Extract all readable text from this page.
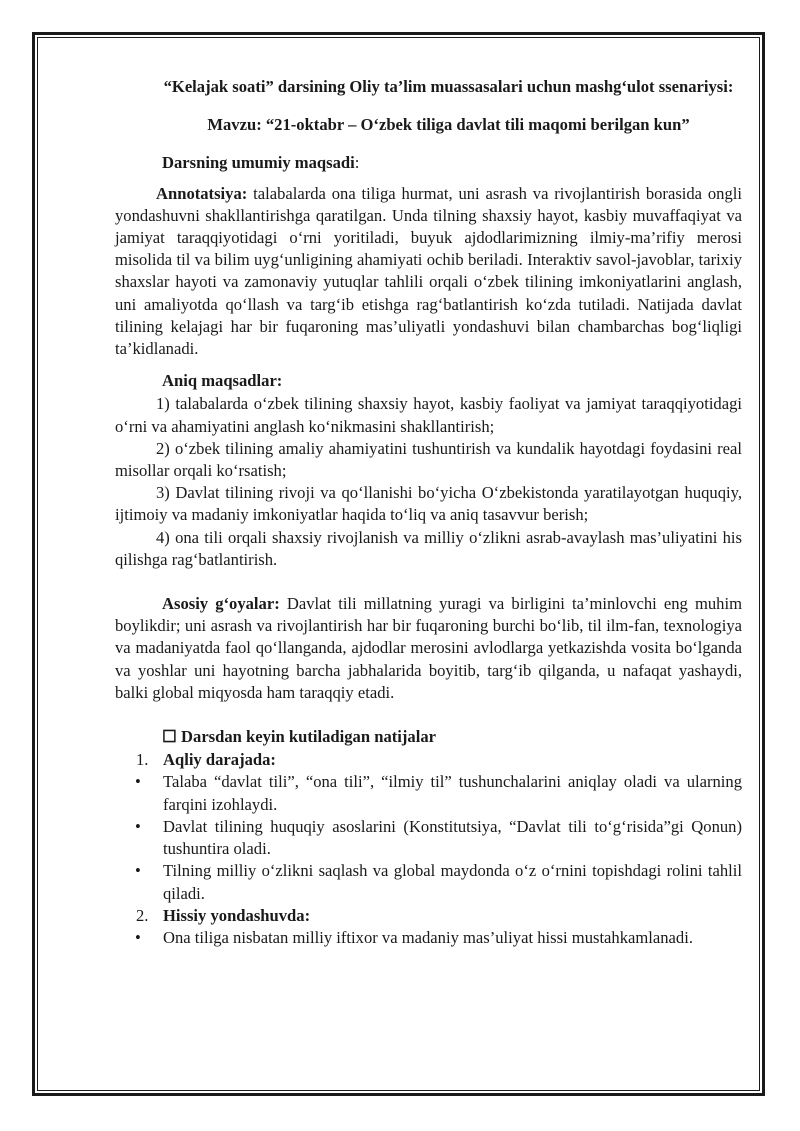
“Kelajak soati” darsining Oliy ta’lim muassasalari uchun mashg‘ulot ssenariysi:
Mavzu: “21-oktabr – O‘zbek tiliga davlat tili maqomi berilgan kun”
Darsning umumiy maqsadi:

Annotatsiya: talabalarda ona tiliga hurmat, uni asrash va rivojlantirish borasida ongli yondashuvni shakllantirishga qaratilgan. Unda tilning shaxsiy hayot, kasbiy muvaffaqiyat va jamiyat taraqqiyotidagi o‘rni yoritiladi, buyuk ajdodlarimizning ilmiy-ma’rifiy merosi misolida til va bilim uyg‘unligining ahamiyati ochib beriladi. Interaktiv savol-javoblar, tarixiy shaxslar hayoti va zamonaviy yutuqlar tahlili orqali o‘zbek tilining imkoniyatlarini anglash, uni amaliyotda qo‘llash va targ‘ib etishga rag‘batlantirish ko‘zda tutiladi. Natijada davlat tilining kelajagi har bir fuqaroning mas’uliyatli yondashuvi bilan chambarchas bog‘liqligi ta’kidlanadi.

Aniq maqsadlar:

1) talabalarda o‘zbek tilining shaxsiy hayot, kasbiy faoliyat va jamiyat taraqqiyotidagi o‘rni va ahamiyatini anglash ko‘nikmasini shakllantirish;

2) o‘zbek tilining amaliy ahamiyatini tushuntirish va kundalik hayotdagi foydasini real misollar orqali ko‘rsatish;

3) Davlat tilining rivoji va qo‘llanishi bo‘yicha O‘zbekistonda yaratilayotgan huquqiy, ijtimoiy va madaniy imkoniyatlar haqida to‘liq va aniq tasavvur berish;

4) ona tili orqali shaxsiy rivojlanish va milliy o‘zlikni asrab-avaylash mas’uliyatini his qilishga rag‘batlantirish.

Asosiy g‘oyalar: Davlat tili millatning yuragi va birligini ta’minlovchi eng muhim boylikdir; uni asrash va rivojlantirish har bir fuqaroning burchi bo‘lib, til ilm-fan, texnologiya va madaniyatda faol qo‘llanganda, ajdodlar merosini avlodlarga yetkazishda vosita bo‘lganda va yoshlar uni hayotning barcha jabhalarida boyitib, targ‘ib qilganda, u nafaqat yashaydi, balki global miqyosda ham taraqqiy etadi.

☐ Darsdan keyin kutiladigan natijalar
1. Aqliy darajada:
•	Talaba “davlat tili”, “ona tili”, “ilmiy til” tushunchalarini aniqlay oladi va ularning farqini izohlaydi.
•	Davlat tilining huquqiy asoslarini (Konstitutsiya, “Davlat tili to‘g‘risida”gi Qonun) tushuntira oladi.
•	Tilning milliy o‘zlikni saqlash va global maydonda o‘z o‘rnini topishdagi rolini tahlil qiladi.
2. Hissiy yondashuvda:
•	Ona tiliga nisbatan milliy iftixor va madaniy mas’uliyat hissi mustahkamlanadi.
